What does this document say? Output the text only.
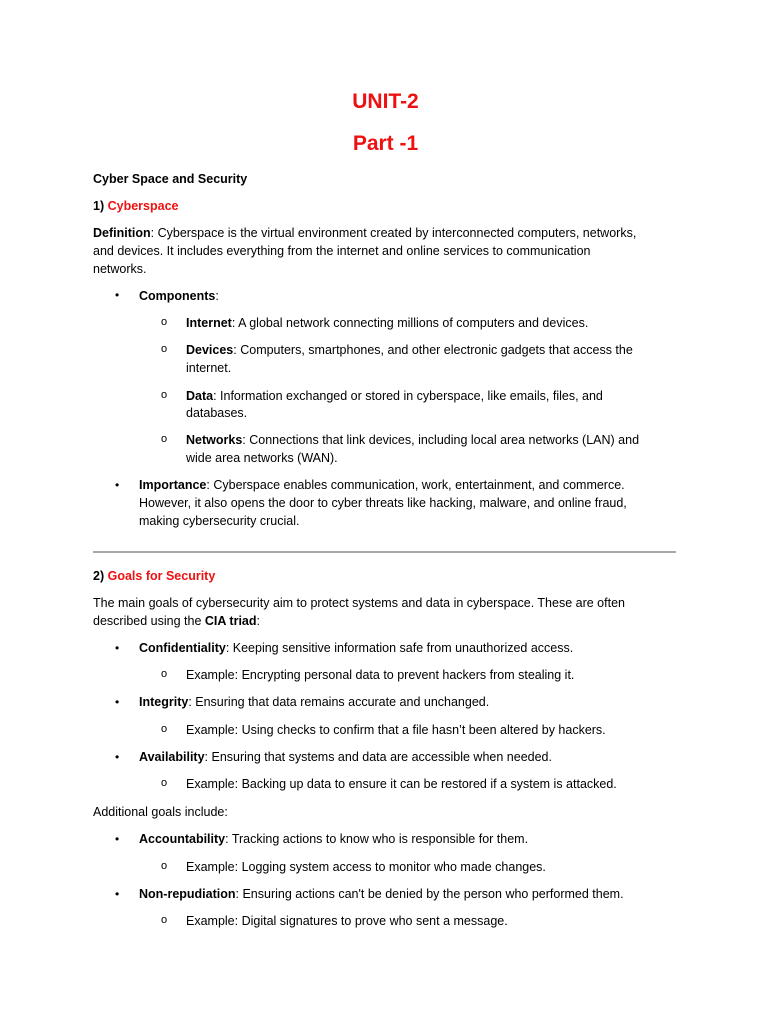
UNIT-2
Part -1
Cyber Space and Security
1) Cyberspace
Definition: Cyberspace is the virtual environment created by interconnected computers, networks,
and devices. It includes everything from the internet and online services to communication
networks.
• Components:
o Internet: A global network connecting millions of computers and devices.
o Devices: Computers, smartphones, and other electronic gadgets that access the
internet.
o Data: Information exchanged or stored in cyberspace, like emails, files, and
databases.
o Networks: Connections that link devices, including local area networks (LAN) and
wide area networks (WAN).
• Importance: Cyberspace enables communication, work, entertainment, and commerce.
However, it also opens the door to cyber threats like hacking, malware, and online fraud,
making cybersecurity crucial.
2) Goals for Security
The main goals of cybersecurity aim to protect systems and data in cyberspace. These are often
described using the CIA triad:
• Confidentiality: Keeping sensitive information safe from unauthorized access.
o Example: Encrypting personal data to prevent hackers from stealing it.
• Integrity: Ensuring that data remains accurate and unchanged.
o Example: Using checks to confirm that a file hasn’t been altered by hackers.
• Availability: Ensuring that systems and data are accessible when needed.
o Example: Backing up data to ensure it can be restored if a system is attacked.
Additional goals include:
• Accountability: Tracking actions to know who is responsible for them.
o Example: Logging system access to monitor who made changes.
• Non-repudiation: Ensuring actions can't be denied by the person who performed them.
o Example: Digital signatures to prove who sent a message.
